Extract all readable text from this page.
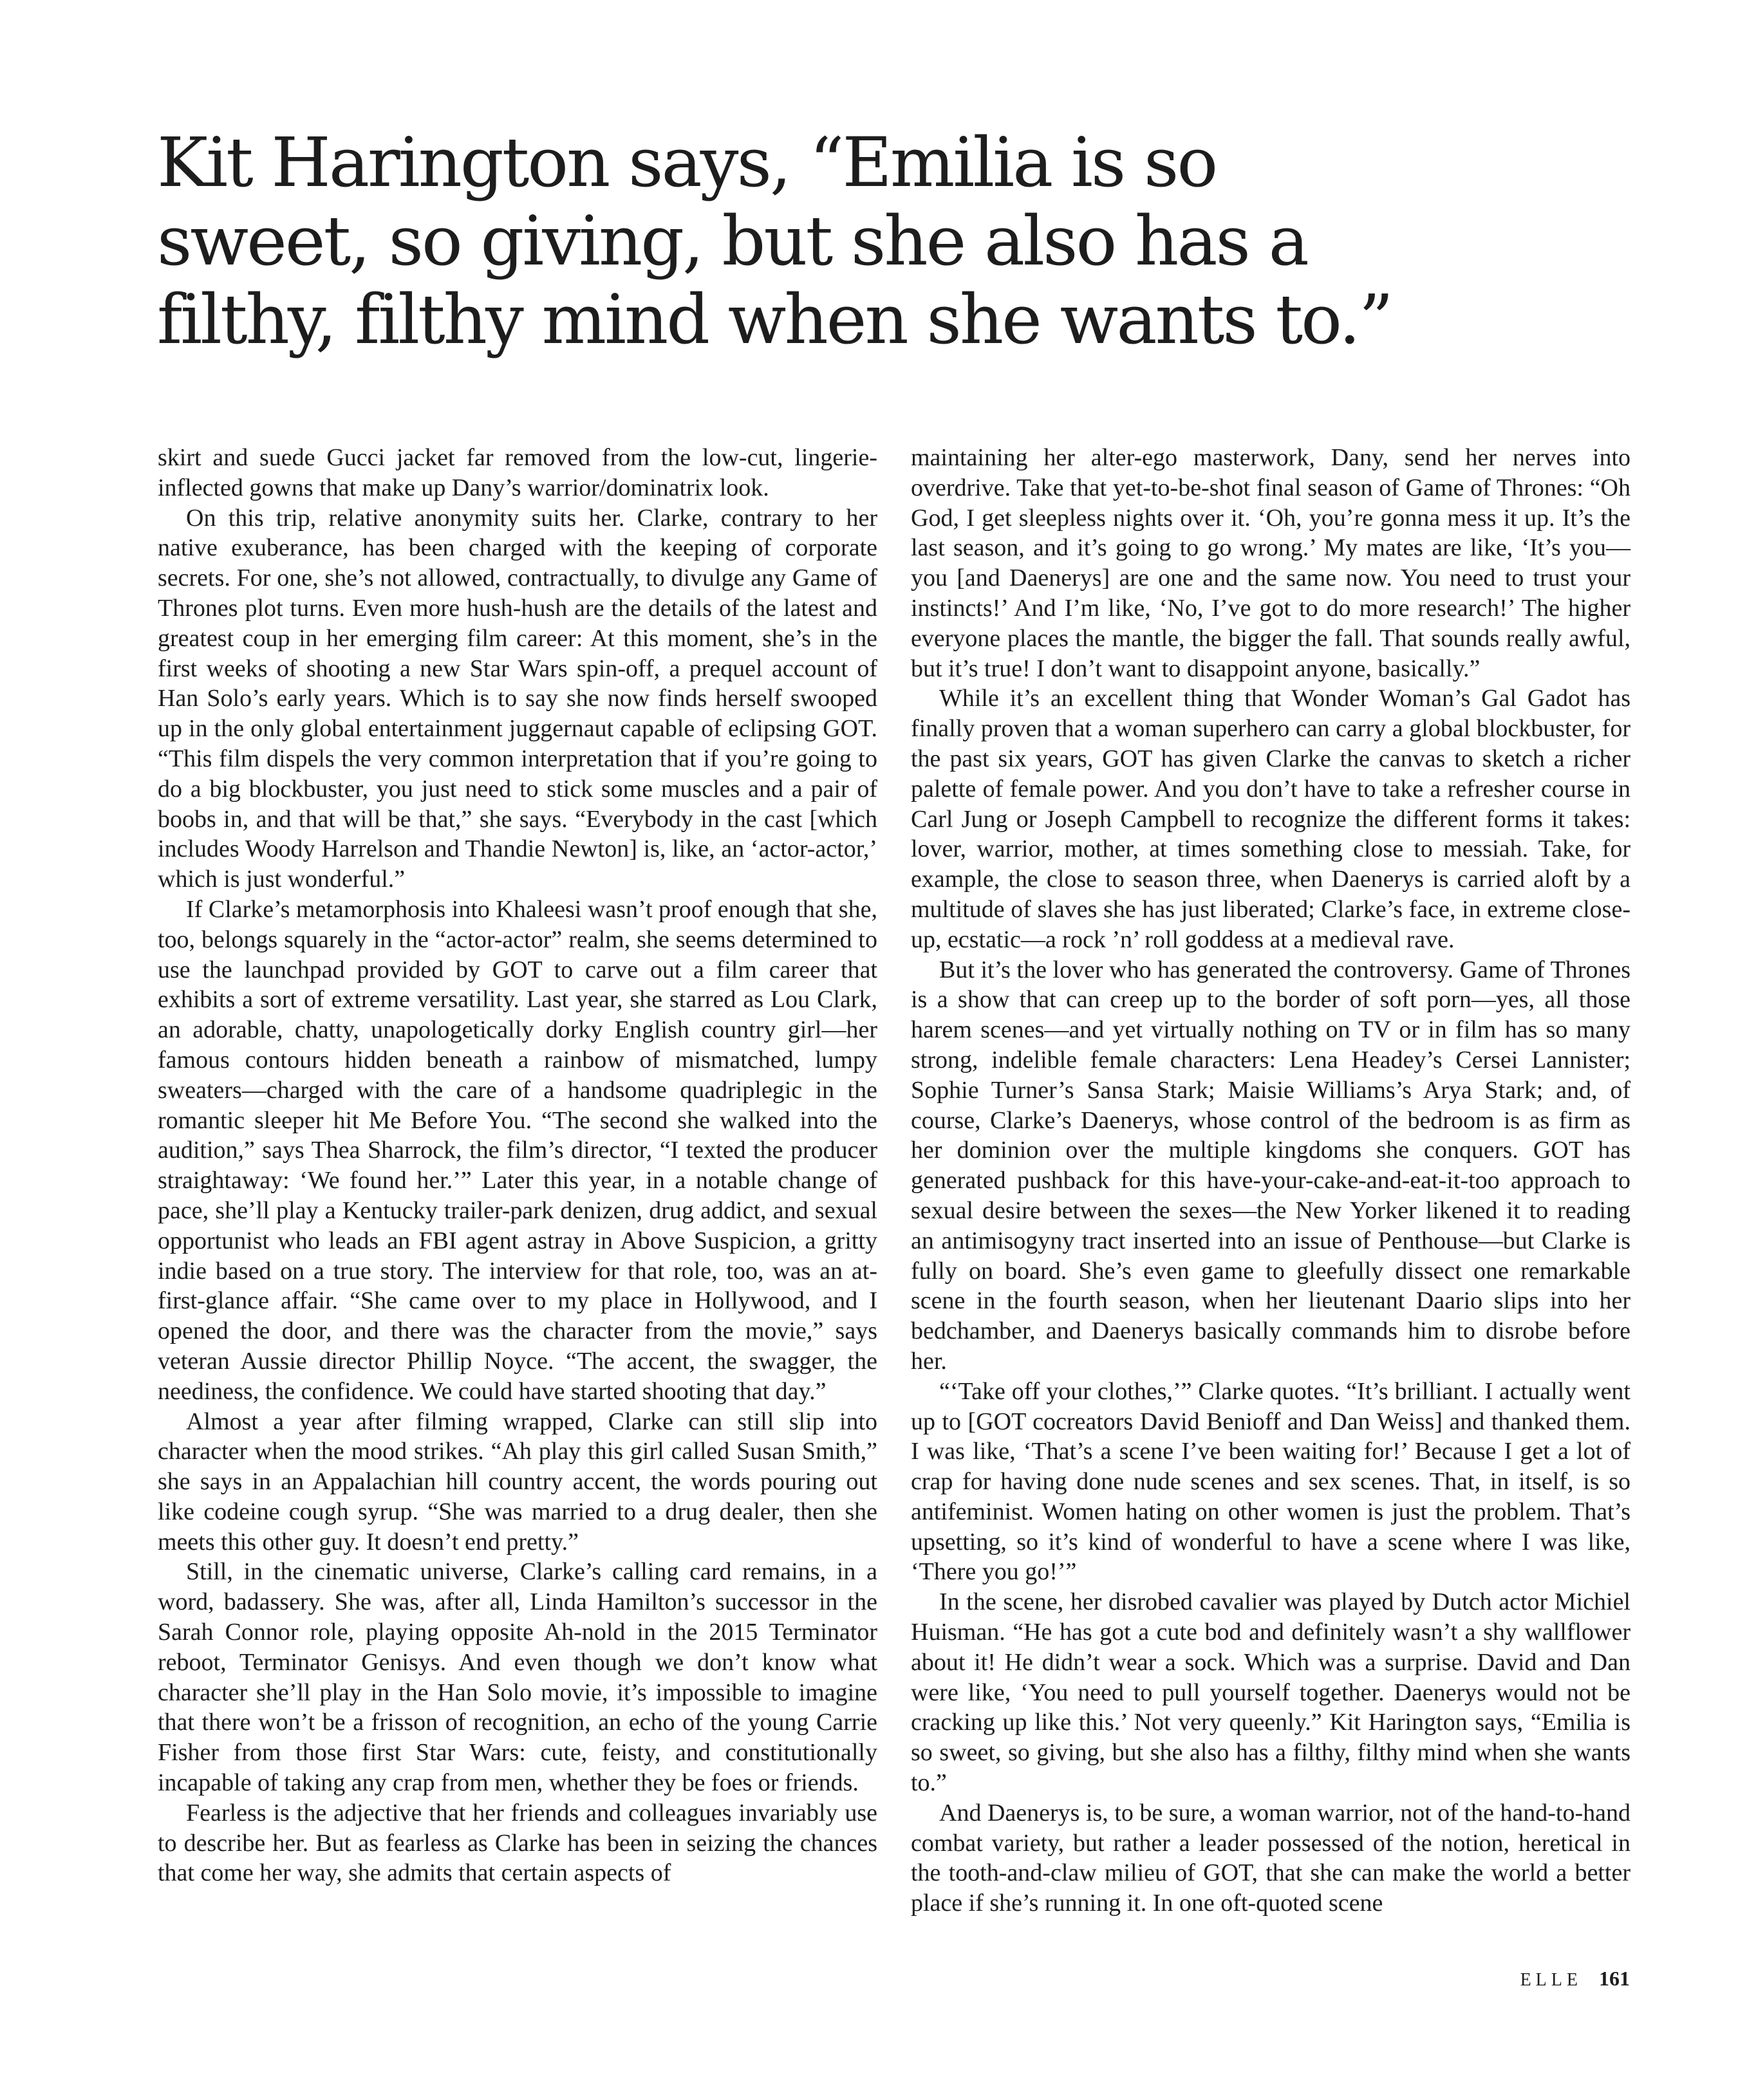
Kit Harington says, “Emilia is so sweet, so giving, but she also has a filthy, filthy mind when she wants to.”

skirt and suede Gucci jacket far removed from the low-cut, lingerie-inflected gowns that make up Dany’s warrior/dominatrix look.

On this trip, relative anonymity suits her. Clarke, contrary to her native exuberance, has been charged with the keeping of corporate secrets. For one, she’s not allowed, contractually, to divulge any Game of Thrones plot turns. Even more hush-hush are the details of the latest and greatest coup in her emerging film career: At this moment, she’s in the first weeks of shooting a new Star Wars spin-off, a prequel account of Han Solo’s early years. Which is to say she now finds herself swooped up in the only global entertainment juggernaut capable of eclipsing GOT. “This film dispels the very common interpretation that if you’re going to do a big blockbuster, you just need to stick some muscles and a pair of boobs in, and that will be that,” she says. “Everybody in the cast [which includes Woody Harrelson and Thandie Newton] is, like, an ‘actor-actor,’ which is just wonderful.”

If Clarke’s metamorphosis into Khaleesi wasn’t proof enough that she, too, belongs squarely in the “actor-actor” realm, she seems determined to use the launchpad provided by GOT to carve out a film career that exhibits a sort of extreme versatility. Last year, she starred as Lou Clark, an adorable, chatty, unapologetically dorky English country girl—her famous contours hidden beneath a rainbow of mismatched, lumpy sweaters—charged with the care of a handsome quadriplegic in the romantic sleeper hit Me Before You. “The second she walked into the audition,” says Thea Sharrock, the film’s director, “I texted the producer straightaway: ‘We found her.’” Later this year, in a notable change of pace, she’ll play a Kentucky trailer-park denizen, drug addict, and sexual opportunist who leads an FBI agent astray in Above Suspicion, a gritty indie based on a true story. The interview for that role, too, was an at-first-glance affair. “She came over to my place in Hollywood, and I opened the door, and there was the character from the movie,” says veteran Aussie director Phillip Noyce. “The accent, the swagger, the neediness, the confidence. We could have started shooting that day.”

Almost a year after filming wrapped, Clarke can still slip into character when the mood strikes. “Ah play this girl called Susan Smith,” she says in an Appalachian hill country accent, the words pouring out like codeine cough syrup. “She was married to a drug dealer, then she meets this other guy. It doesn’t end pretty.”

Still, in the cinematic universe, Clarke’s calling card remains, in a word, badassery. She was, after all, Linda Hamilton’s successor in the Sarah Connor role, playing opposite Ah-nold in the 2015 Terminator reboot, Terminator Genisys. And even though we don’t know what character she’ll play in the Han Solo movie, it’s impossible to imagine that there won’t be a frisson of recognition, an echo of the young Carrie Fisher from those first Star Wars: cute, feisty, and constitutionally incapable of taking any crap from men, whether they be foes or friends.

Fearless is the adjective that her friends and colleagues invariably use to describe her. But as fearless as Clarke has been in seizing the chances that come her way, she admits that certain aspects of

maintaining her alter-ego masterwork, Dany, send her nerves into overdrive. Take that yet-to-be-shot final season of Game of Thrones: “Oh God, I get sleepless nights over it. ‘Oh, you’re gonna mess it up. It’s the last season, and it’s going to go wrong.’ My mates are like, ‘It’s you—you [and Daenerys] are one and the same now. You need to trust your instincts!’ And I’m like, ‘No, I’ve got to do more research!’ The higher everyone places the mantle, the bigger the fall. That sounds really awful, but it’s true! I don’t want to disappoint anyone, basically.”

While it’s an excellent thing that Wonder Woman’s Gal Gadot has finally proven that a woman superhero can carry a global blockbuster, for the past six years, GOT has given Clarke the canvas to sketch a richer palette of female power. And you don’t have to take a refresher course in Carl Jung or Joseph Campbell to recognize the different forms it takes: lover, warrior, mother, at times something close to messiah. Take, for example, the close to season three, when Daenerys is carried aloft by a multitude of slaves she has just liberated; Clarke’s face, in extreme close-up, ecstatic—a rock ’n’ roll goddess at a medieval rave.

But it’s the lover who has generated the controversy. Game of Thrones is a show that can creep up to the border of soft porn—yes, all those harem scenes—and yet virtually nothing on TV or in film has so many strong, indelible female characters: Lena Headey’s Cersei Lannister; Sophie Turner’s Sansa Stark; Maisie Williams’s Arya Stark; and, of course, Clarke’s Daenerys, whose control of the bedroom is as firm as her dominion over the multiple kingdoms she conquers. GOT has generated pushback for this have-your-cake-and-eat-it-too approach to sexual desire between the sexes—the New Yorker likened it to reading an antimisogyny tract inserted into an issue of Penthouse—but Clarke is fully on board. She’s even game to gleefully dissect one remarkable scene in the fourth season, when her lieutenant Daario slips into her bedchamber, and Daenerys basically commands him to disrobe before her.

“‘Take off your clothes,’” Clarke quotes. “It’s brilliant. I actually went up to [GOT cocreators David Benioff and Dan Weiss] and thanked them. I was like, ‘That’s a scene I’ve been waiting for!’ Because I get a lot of crap for having done nude scenes and sex scenes. That, in itself, is so antifeminist. Women hating on other women is just the problem. That’s upsetting, so it’s kind of wonderful to have a scene where I was like, ‘There you go!’”

In the scene, her disrobed cavalier was played by Dutch actor Michiel Huisman. “He has got a cute bod and definitely wasn’t a shy wallflower about it! He didn’t wear a sock. Which was a surprise. David and Dan were like, ‘You need to pull yourself together. Daenerys would not be cracking up like this.’ Not very queenly.” Kit Harington says, “Emilia is so sweet, so giving, but she also has a filthy, filthy mind when she wants to.”

And Daenerys is, to be sure, a woman warrior, not of the hand-to-hand combat variety, but rather a leader possessed of the notion, heretical in the tooth-and-claw milieu of GOT, that she can make the world a better place if she’s running it. In one oft-quoted scene

ELLE 161
